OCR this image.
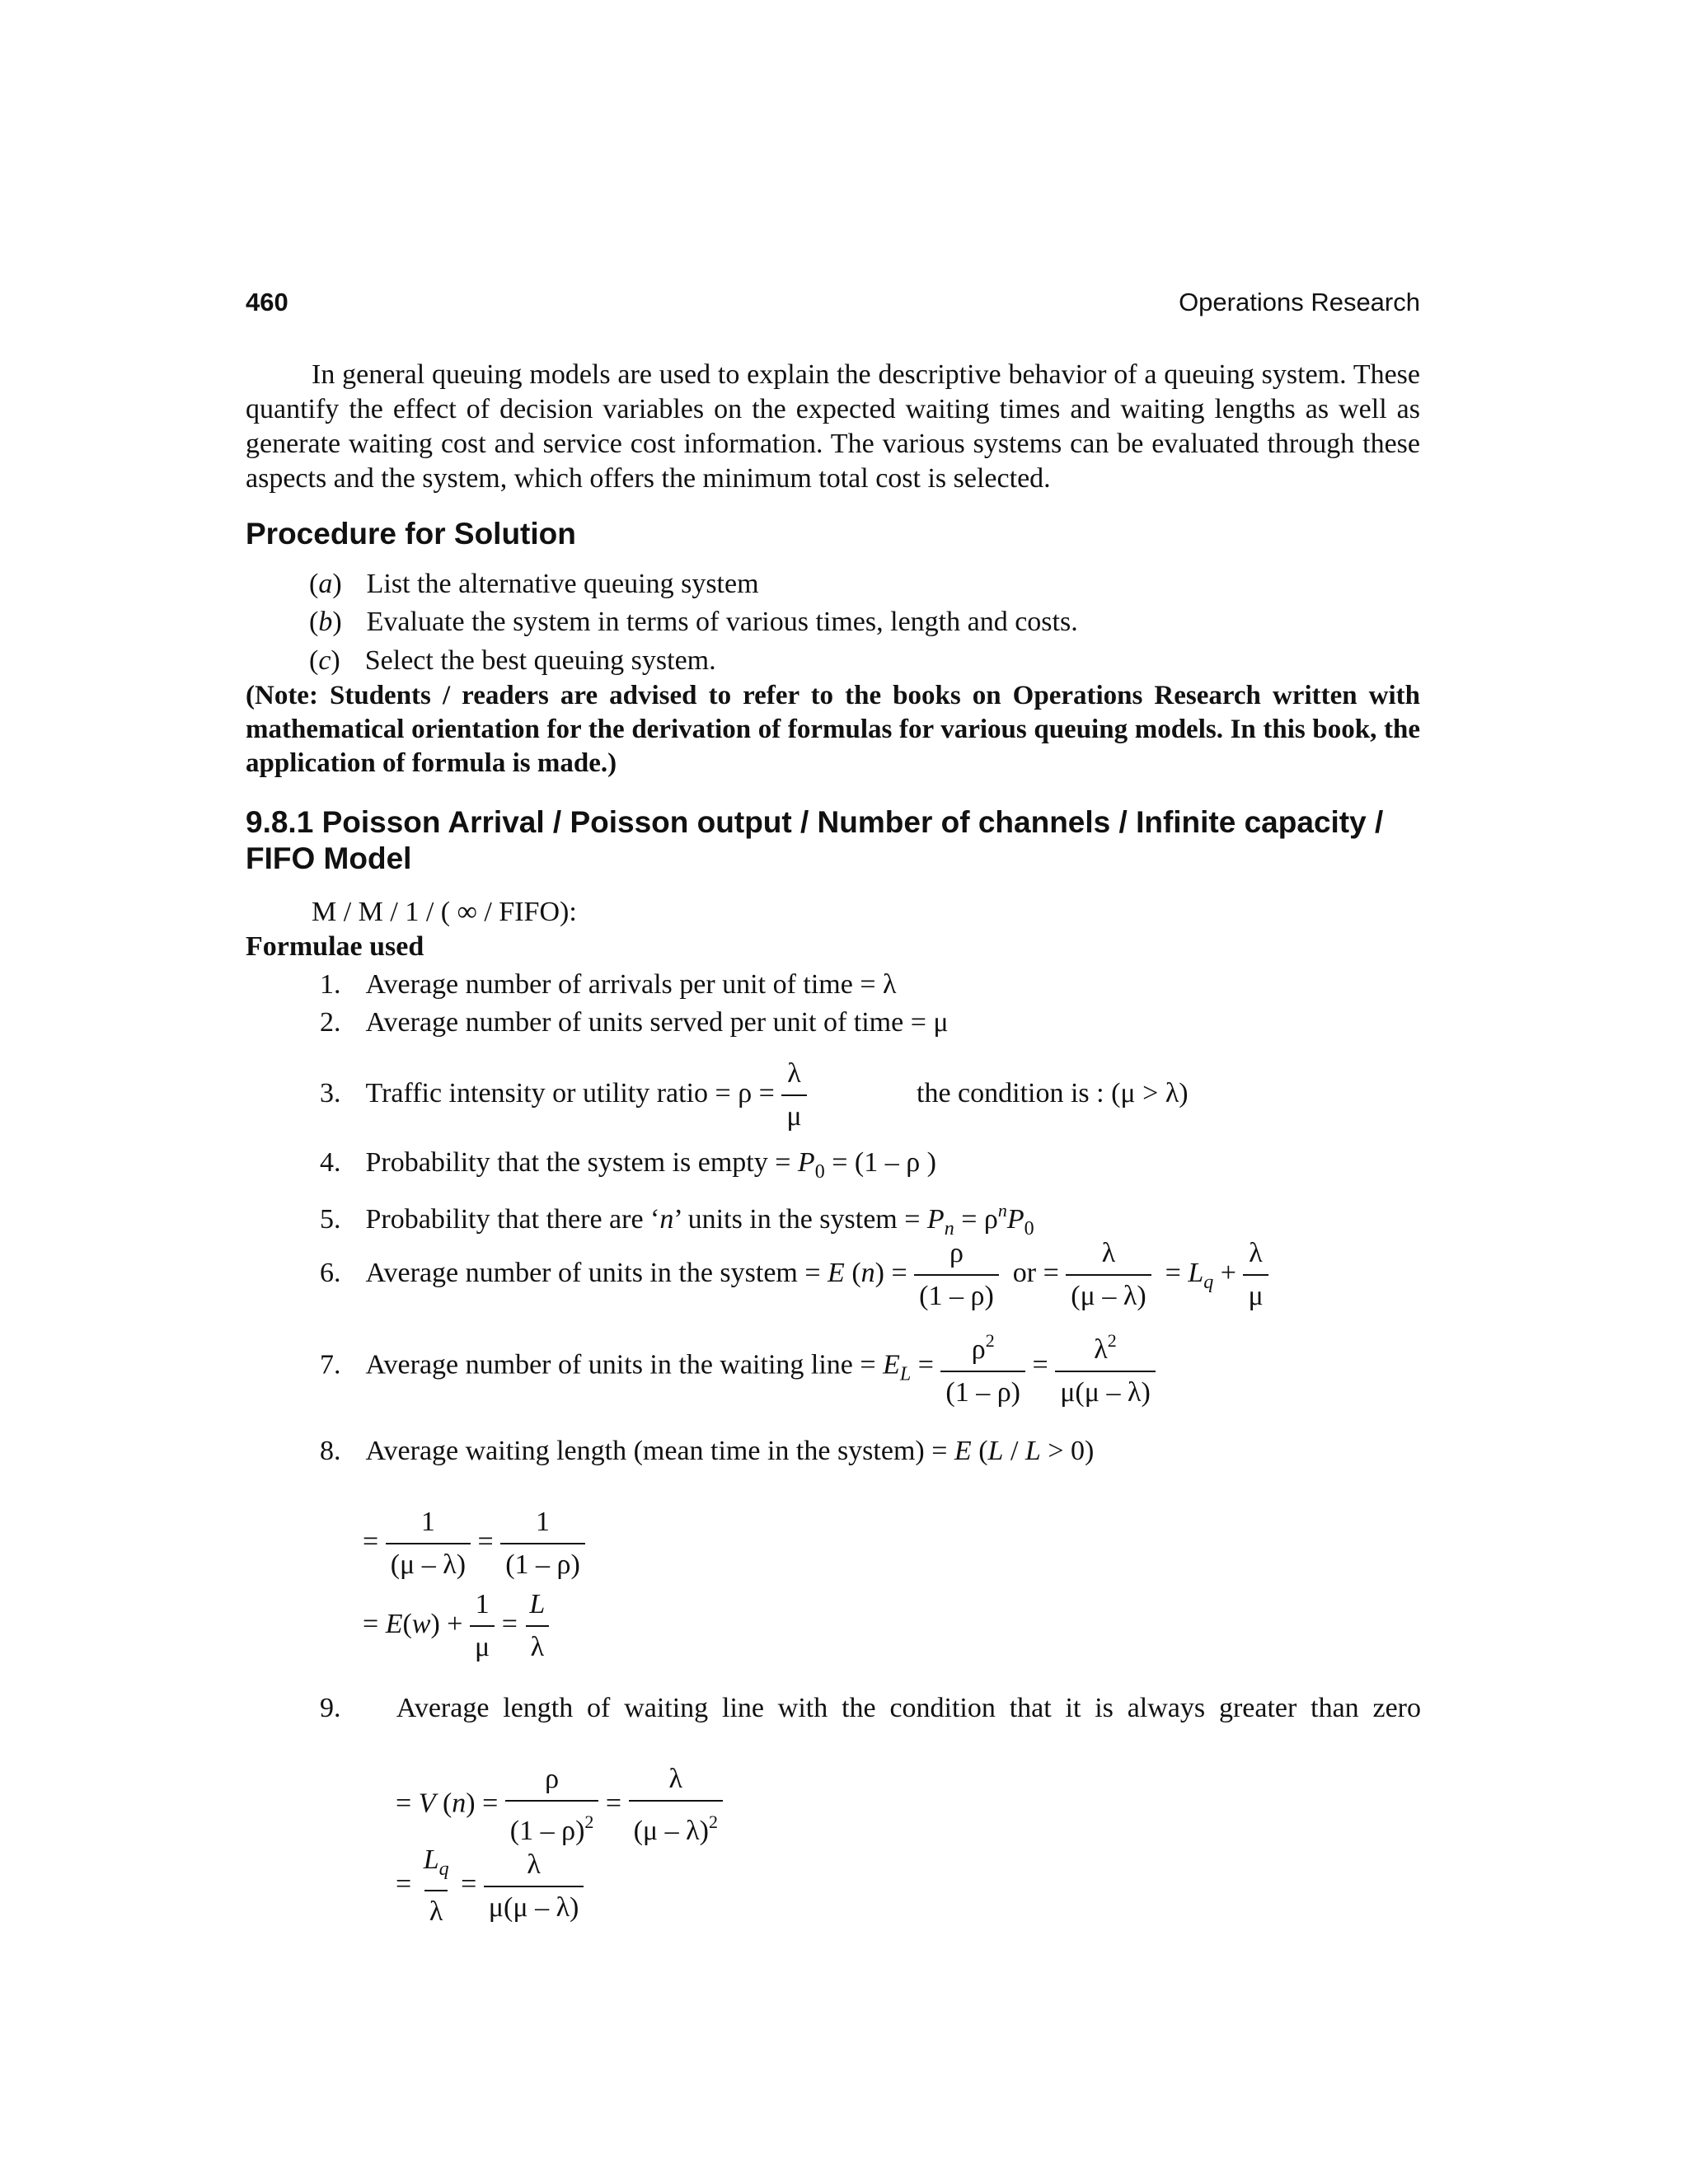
460	Operations Research

In general queuing models are used to explain the descriptive behavior of a queuing system. These quantify the effect of decision variables on the expected waiting times and waiting lengths as well as generate waiting cost and service cost information. The various systems can be evaluated through these aspects and the system, which offers the minimum total cost is selected.

Procedure for Solution
(a) List the alternative queuing system
(b) Evaluate the system in terms of various times, length and costs.
(c) Select the best queuing system.

(Note: Students / readers are advised to refer to the books on Operations Research written with mathematical orientation for the derivation of formulas for various queuing models. In this book, the application of formula is made.)

9.8.1 Poisson Arrival / Poisson output / Number of channels / Infinite capacity / FIFO Model
M / M / 1 / ( ∞ / FIFO):
Formulae used
1. Average number of arrivals per unit of time = λ
2. Average number of units served per unit of time = μ
3. Traffic intensity or utility ratio = $\rho = \frac{\lambda}{\mu}$	the condition is : (μ > λ)
4. Probability that the system is empty = $P_0 = (1 - \rho$ )
5. Probability that there are ‘n’ units in the system = $P_n = \rho^nP_0$
6. Average number of units in the system = E $(n) = \frac{\rho}{(1 - \rho)}$ or = $\frac{\lambda}{(\mu - \lambda)} = L_q + \frac{\lambda}{\mu}$
7. Average number of units in the waiting line = $E_L = \frac{\rho^2}{(1 - \rho)} = \frac{\lambda^2}{\mu(\mu - \lambda)}$
8. Average waiting length (mean time in the system) = E (L / L > 0)
= $\frac{1}{(\mu - \lambda)} = \frac{1}{(1 - \rho)}$
= $E(w) + \frac{1}{\mu} = \frac{L}{\lambda}$
9. Average length of waiting line with the condition that it is always greater than zero
= V $(n) = \frac{\rho}{(1 - \rho)^2} = \frac{\lambda}{(\mu - \lambda)^2}$
= $\frac{L_q}{\lambda} = \frac{\lambda}{\mu(\mu - \lambda)}$
